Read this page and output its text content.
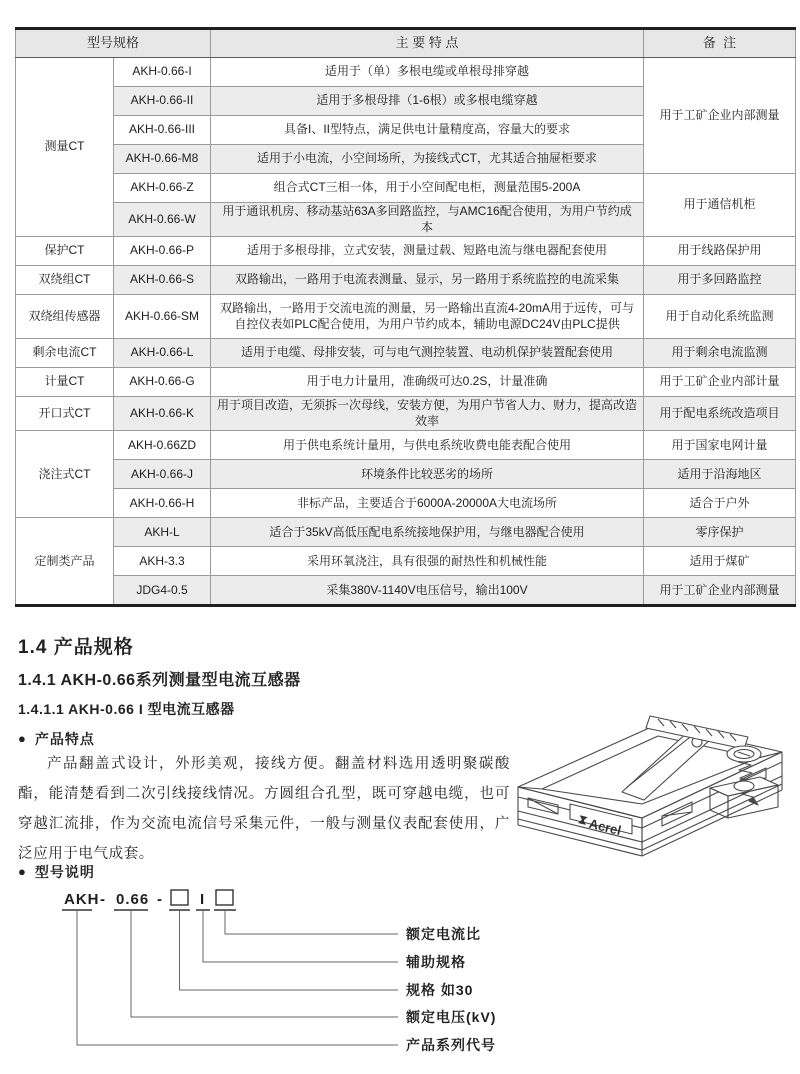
型号规格		主 要 特 点	备  注
测量CT	AKH-0.66-I	适用于（单）多根电缆或单根母排穿越	用于工矿企业内部测量
	AKH-0.66-II	适用于多根母排（1-6根）或多根电缆穿越	
	AKH-0.66-III	具备I、II型特点，满足供电计量精度高，容量大的要求	
	AKH-0.66-M8	适用于小电流，小空间场所，为接线式CT，尤其适合抽屉柜要求	
	AKH-0.66-Z	组合式CT三相一体，用于小空间配电柜，测量范围5-200A	用于通信机柜
	AKH-0.66-W	用于通讯机房、移动基站63A多回路监控，与AMC16配合使用，为用户节约成本	
保护CT	AKH-0.66-P	适用于多根母排，立式安装，测量过载、短路电流与继电器配套使用	用于线路保护用
双绕组CT	AKH-0.66-S	双路输出，一路用于电流表测量、显示，另一路用于系统监控的电流采集	用于多回路监控
双绕组传感器	AKH-0.66-SM	双路输出，一路用于交流电流的测量，另一路输出直流4-20mA用于远传，可与自控仪表如PLC配合使用，为用户节约成本，辅助电源DC24V由PLC提供	用于自动化系统监测
剩余电流CT	AKH-0.66-L	适用于电缆、母排安装，可与电气测控装置、电动机保护装置配套使用	用于剩余电流监测
计量CT	AKH-0.66-G	用于电力计量用，准确级可达0.2S，计量准确	用于工矿企业内部计量
开口式CT	AKH-0.66-K	用于项目改造，无须拆一次母线，安装方便，为用户节省人力、财力，提高改造效率	用于配电系统改造项目
浇注式CT	AKH-0.66ZD	用于供电系统计量用，与供电系统收费电能表配合使用	用于国家电网计量
	AKH-0.66-J	环境条件比较恶劣的场所	适用于沿海地区
	AKH-0.66-H	非标产品，主要适合于6000A-20000A大电流场所	适合于户外
定制类产品	AKH-L	适合于35kV高低压配电系统接地保护用，与继电器配合使用	零序保护
	AKH-3.3	采用环氧浇注，具有很强的耐热性和机械性能	适用于煤矿
	JDG4-0.5	采集380V-1140V电压信号，输出100V	用于工矿企业内部测量
1.4 产品规格
1.4.1 AKH-0.66系列测量型电流互感器
1.4.1.1 AKH-0.66 I 型电流互感器
● 产品特点
产品翻盖式设计，外形美观，接线方便。翻盖材料选用透明聚碳酸酯，能清楚看到二次引线接线情况。方圆组合孔型，既可穿越电缆，也可穿越汇流排，作为交流电流信号采集元件，一般与测量仪表配套使用，广泛应用于电气成套。
● 型号说明
AKH - 0.66 - I
额定电流比
辅助规格
规格 如30
额定电压(kV)
产品系列代号
Acrel
